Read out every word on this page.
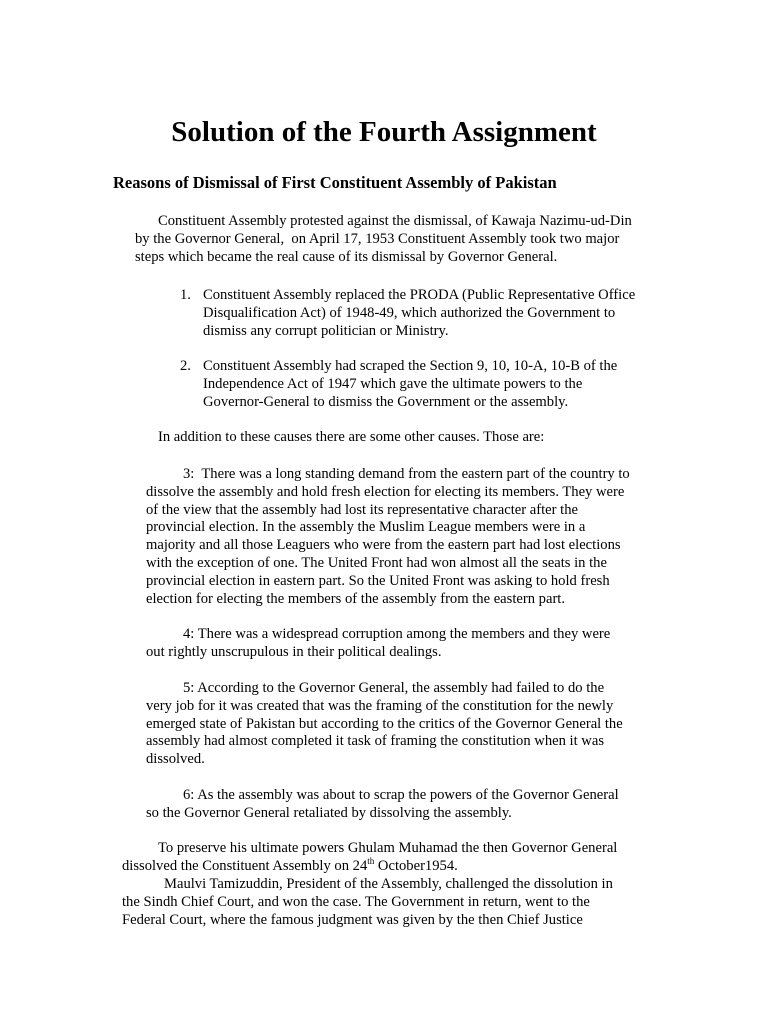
Solution of the Fourth Assignment
Reasons of Dismissal of First Constituent Assembly of Pakistan
Constituent Assembly protested against the dismissal, of Kawaja Nazimu-ud-Din
by the Governor General,  on April 17, 1953 Constituent Assembly took two major
steps which became the real cause of its dismissal by Governor General.
1. Constituent Assembly replaced the PRODA (Public Representative Office
Disqualification Act) of 1948-49, which authorized the Government to
dismiss any corrupt politician or Ministry.
2. Constituent Assembly had scraped the Section 9, 10, 10-A, 10-B of the
Independence Act of 1947 which gave the ultimate powers to the
Governor-General to dismiss the Government or the assembly.
In addition to these causes there are some other causes. Those are:
3:  There was a long standing demand from the eastern part of the country to
dissolve the assembly and hold fresh election for electing its members. They were
of the view that the assembly had lost its representative character after the
provincial election. In the assembly the Muslim League members were in a
majority and all those Leaguers who were from the eastern part had lost elections
with the exception of one. The United Front had won almost all the seats in the
provincial election in eastern part. So the United Front was asking to hold fresh
election for electing the members of the assembly from the eastern part.
4: There was a widespread corruption among the members and they were
out rightly unscrupulous in their political dealings.
5: According to the Governor General, the assembly had failed to do the
very job for it was created that was the framing of the constitution for the newly
emerged state of Pakistan but according to the critics of the Governor General the
assembly had almost completed it task of framing the constitution when it was
dissolved.
6: As the assembly was about to scrap the powers of the Governor General
so the Governor General retaliated by dissolving the assembly.
To preserve his ultimate powers Ghulam Muhamad the then Governor General
dissolved the Constituent Assembly on 24th October1954.
Maulvi Tamizuddin, President of the Assembly, challenged the dissolution in
the Sindh Chief Court, and won the case. The Government in return, went to the
Federal Court, where the famous judgment was given by the then Chief Justice
